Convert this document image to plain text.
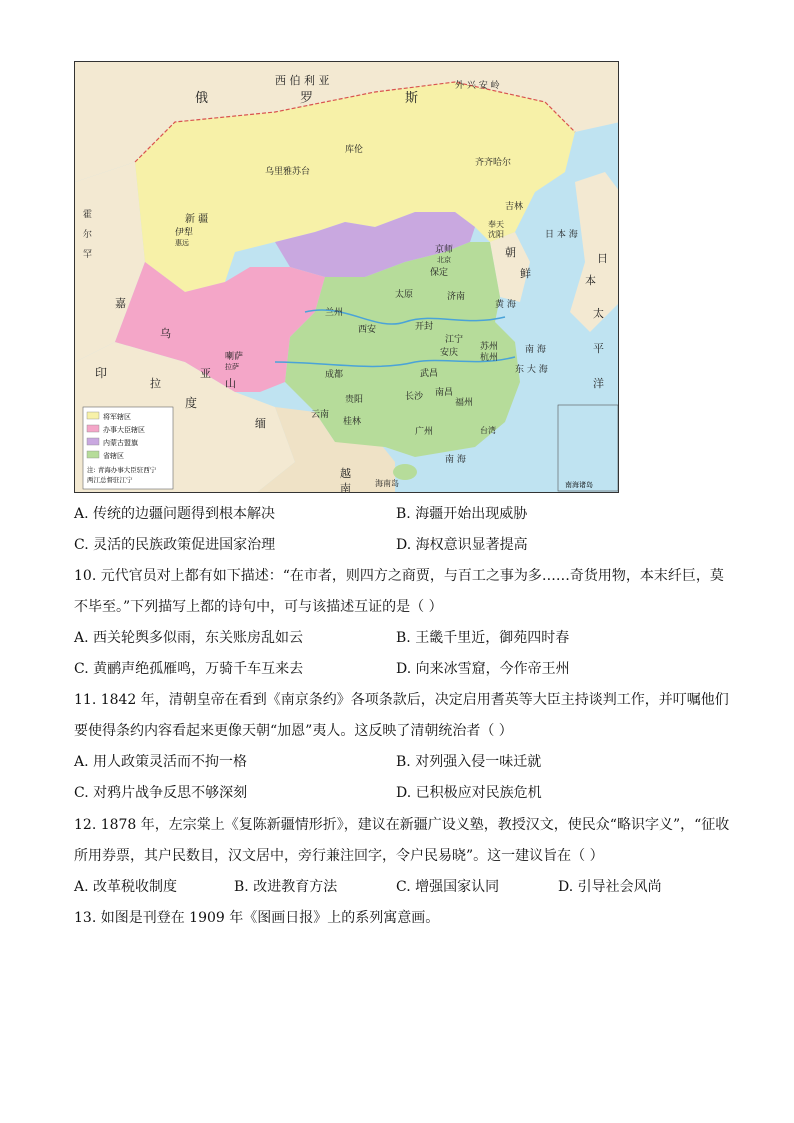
将军辖区
办事大臣辖区
内蒙古盟旗
省辖区
注: 青海办事大臣驻西宁
两江总督驻江宁
南海诸岛
西 伯 利 亚
俄	罗	斯
外 兴 安 岭
乌里雅苏台
库伦
齐齐哈尔
吉林
奉天
沈阳
伊犁
惠远
新 疆
京师
北京
保定
太原	济南
兰州
西安	开封
江宁
苏州
杭州
安庆
武昌
成都
长沙 南昌
福州
贵阳
云南
桂林
广州
喇萨
拉萨
台湾
海南岛
朝
鲜
日 本 海
日
本
太
平
洋
黄 海
东 大 海
南 海
南 海
印
度
缅
越
南
乌
拉
亚
山
嘉
霍
尔
罕
A. 传统的边疆问题得到根本解决	B. 海疆开始出现威胁
C. 灵活的民族政策促进国家治理	D. 海权意识显著提高
10. 元代官员对上都有如下描述：“在市者，则四方之商贾，与百工之事为多……奇货用物，本末纤巨，莫
不毕至。”下列描写上都的诗句中，可与该描述互证的是（ ）
A. 西关轮舆多似雨，东关账房乱如云	B. 王畿千里近，御苑四时春
C. 黄鹂声绝孤雁鸣，万骑千车互来去	D. 向来冰雪窟，今作帝王州
11. 1842 年，清朝皇帝在看到《南京条约》各项条款后，决定启用耆英等大臣主持谈判工作，并叮嘱他们
要使得条约内容看起来更像天朝“加恩”夷人。这反映了清朝统治者（ ）
A. 用人政策灵活而不拘一格	B. 对列强入侵一味迁就
C. 对鸦片战争反思不够深刻	D. 已积极应对民族危机
12. 1878 年，左宗棠上《复陈新疆情形折》，建议在新疆广设义塾，教授汉文，使民众“略识字义”，“征收
所用券票，其户民数目，汉文居中，旁行兼注回字，令户民易晓”。这一建议旨在（ ）
A. 改革税收制度	B. 改进教育方法	C. 增强国家认同	D. 引导社会风尚
13. 如图是刊登在 1909 年《图画日报》上的系列寓意画。
